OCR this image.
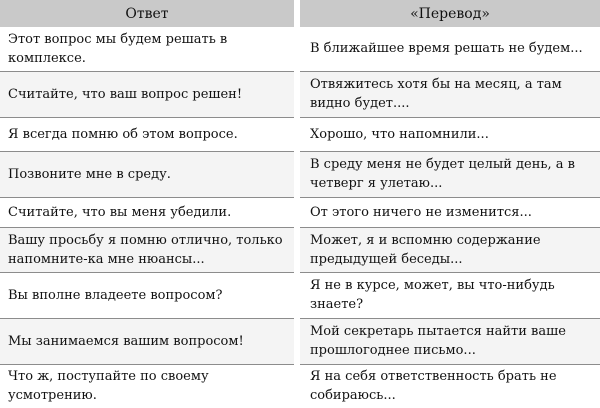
Ответ	«Перевод»
Этот вопрос мы будем решать в комплексе.	В ближайшее время решать не будем...
Считайте, что ваш вопрос решен!	Отвяжитесь хотя бы на месяц, а там видно будет....
Я всегда помню об этом вопросе.	Хорошо, что напомнили...
Позвоните мне в среду.	В среду меня не будет целый день, а в четверг я улетаю...
Считайте, что вы меня убедили.	От этого ничего не изменится...
Вашу просьбу я помню отлично, только напомните-ка мне нюансы...	Может, я и вспомню содержание предыдущей беседы...
Вы вполне владеете вопросом?	Я не в курсе, может, вы что-нибудь знаете?
Мы занимаемся вашим вопросом!	Мой секретарь пытается найти ваше прошлогоднее письмо...
Что ж, поступайте по своему усмотрению.	Я на себя ответственность брать не собираюсь...
